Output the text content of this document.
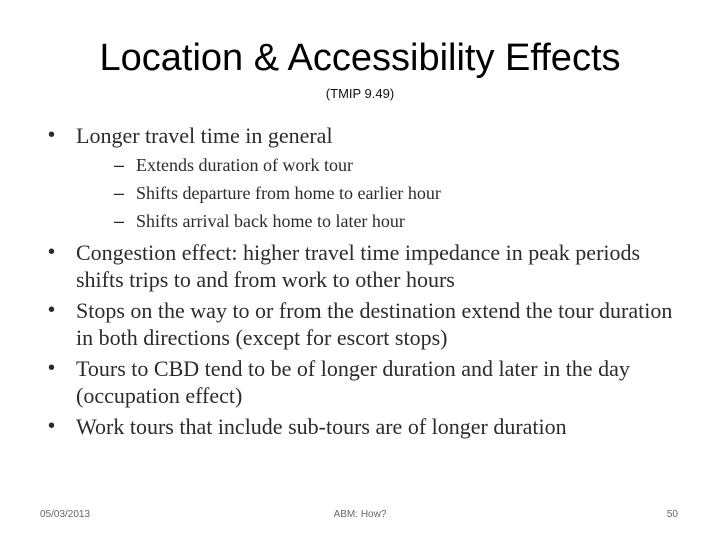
Location & Accessibility Effects
(TMIP 9.49)
• Longer travel time in general
– Extends duration of work tour
– Shifts departure from home to earlier hour
– Shifts arrival back home to later hour
• Congestion effect: higher travel time impedance in peak periods shifts trips to and from work to other hours
• Stops on the way to or from the destination extend the tour duration in both directions (except for escort stops)
• Tours to CBD tend to be of longer duration and later in the day (occupation effect)
• Work tours that include sub-tours are of longer duration
05/03/2013	ABM: How?	50
